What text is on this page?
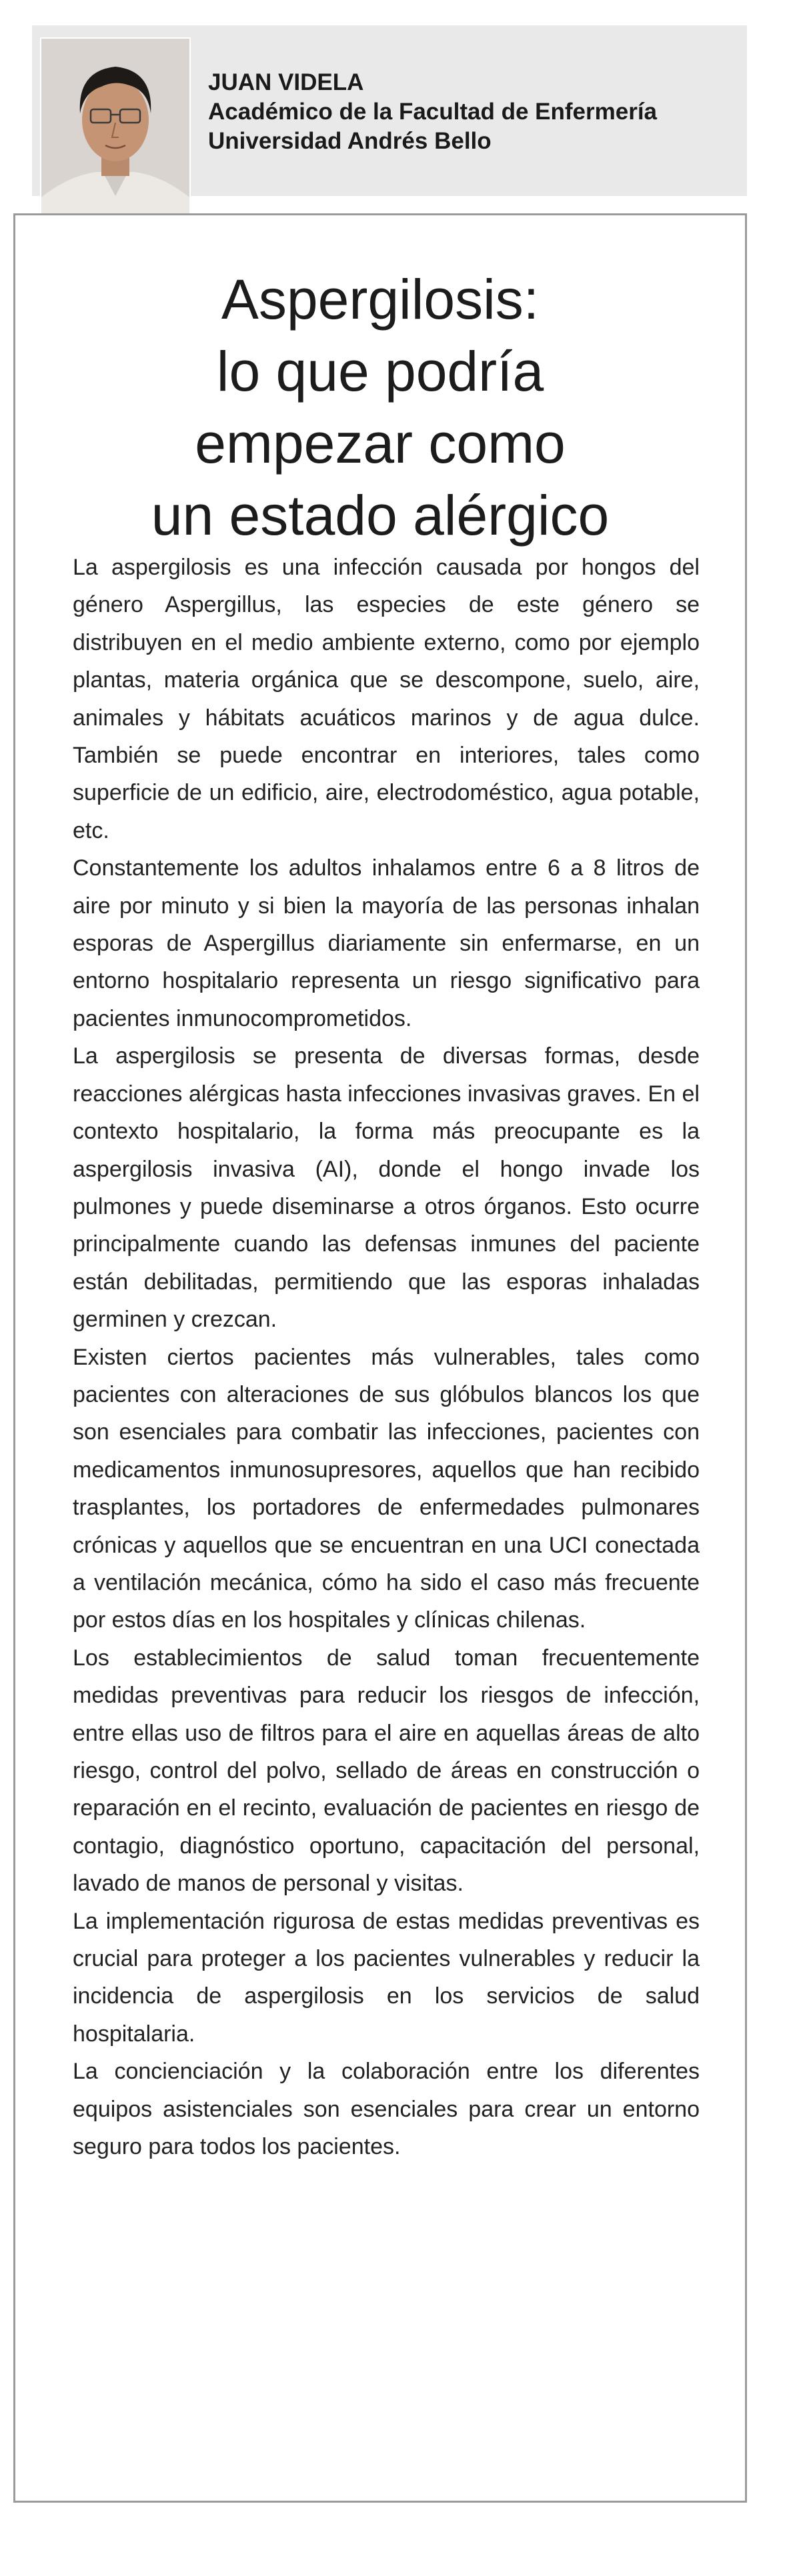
JUAN VIDELA
Académico de la Facultad de Enfermería
Universidad Andrés Bello
Aspergilosis:
lo que podría
empezar como
un estado alérgico

La aspergilosis es una infección causada por hongos del género Aspergillus, las especies de este género se distribuyen en el medio ambiente externo, como por ejemplo plantas, materia orgánica que se descompone, suelo, aire, animales y hábitats acuáticos marinos y de agua dulce. También se puede encontrar en interiores, tales como superficie de un edificio, aire, electrodoméstico, agua potable, etc.

Constantemente los adultos inhalamos entre 6 a 8 litros de aire por minuto y si bien la mayoría de las personas inhalan esporas de Aspergillus diariamente sin enfermarse, en un entorno hospitalario representa un riesgo significativo para pacientes inmunocomprometidos.

La aspergilosis se presenta de diversas formas, desde reacciones alérgicas hasta infecciones invasivas graves. En el contexto hospitalario, la forma más preocupante es la aspergilosis invasiva (AI), donde el hongo invade los pulmones y puede diseminarse a otros órganos. Esto ocurre principalmente cuando las defensas inmunes del paciente están debilitadas, permitiendo que las esporas inhaladas germinen y crezcan.

Existen ciertos pacientes más vulnerables, tales como pacientes con alteraciones de sus glóbulos blancos los que son esenciales para combatir las infecciones, pacientes con medicamentos inmunosupresores, aquellos que han recibido trasplantes, los portadores de enfermedades pulmonares crónicas y aquellos que se encuentran en una UCI conectada a ventilación mecánica, cómo ha sido el caso más frecuente por estos días en los hospitales y clínicas chilenas.

Los establecimientos de salud toman frecuentemente medidas preventivas para reducir los riesgos de infección, entre ellas uso de filtros para el aire en aquellas áreas de alto riesgo, control del polvo, sellado de áreas en construcción o reparación en el recinto, evaluación de pacientes en riesgo de contagio, diagnóstico oportuno, capacitación del personal, lavado de manos de personal y visitas.

La implementación rigurosa de estas medidas preventivas es crucial para proteger a los pacientes vulnerables y reducir la incidencia de aspergilosis en los servicios de salud hospitalaria.

La concienciación y la colaboración entre los diferentes equipos asistenciales son esenciales para crear un entorno seguro para todos los pacientes.
